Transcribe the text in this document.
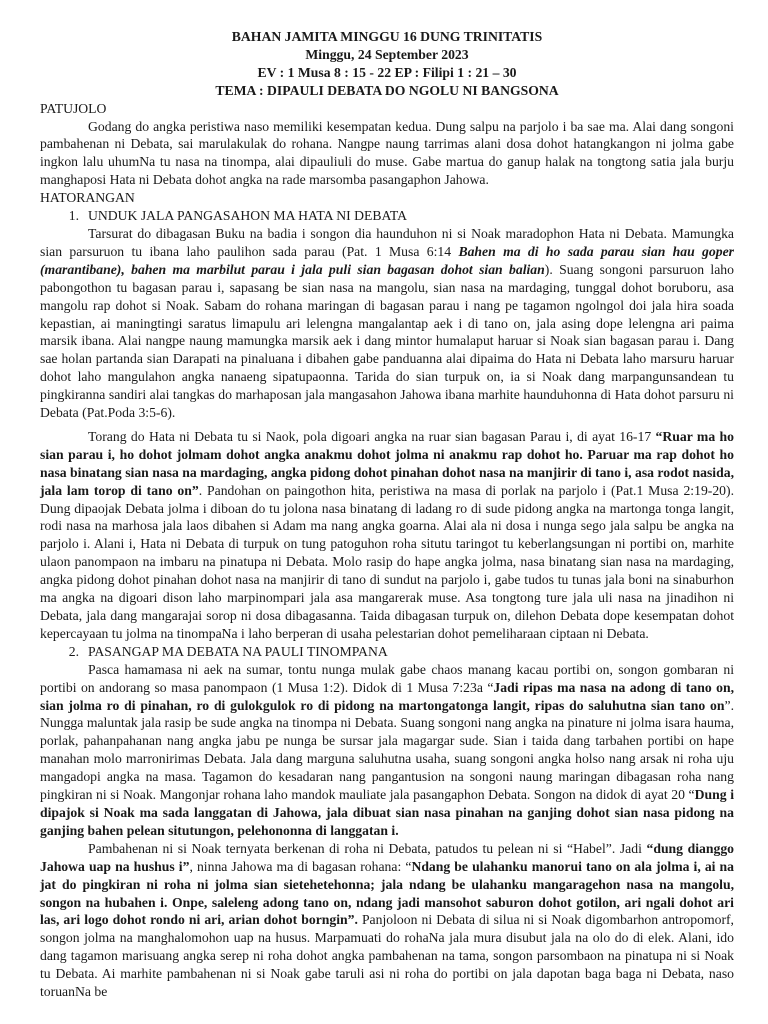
BAHAN JAMITA MINGGU 16 DUNG TRINITATIS
Minggu, 24 September 2023
EV : 1 Musa 8 : 15 - 22 EP : Filipi 1 : 21 – 30
TEMA : DIPAULI DEBATA DO NGOLU NI BANGSONA

PATUJOLO

Godang do angka peristiwa naso memiliki kesempatan kedua. Dung salpu na parjolo i ba sae ma. Alai dang songoni pambahenan ni Debata, sai marulakulak do rohana. Nangpe naung tarrimas alani dosa dohot hatangkangon ni jolma gabe ingkon lalu uhumNa tu nasa na tinompa, alai dipauliuli do muse. Gabe martua do ganup halak na tongtong satia jala burju manghaposi Hata ni Debata dohot angka na rade marsomba pasangaphon Jahowa.

HATORANGAN

1. UNDUK JALA PANGASAHON MA HATA NI DEBATA

Tarsurat do dibagasan Buku na badia i songon dia haunduhon ni si Noak maradophon Hata ni Debata. Mamungka sian parsuruon tu ibana laho paulihon sada parau (Pat. 1 Musa 6:14 Bahen ma di ho sada parau sian hau goper (marantibane), bahen ma marbilut parau i jala puli sian bagasan dohot sian balian). Suang songoni parsuruon laho pabongothon tu bagasan parau i, sapasang be sian nasa na mangolu, sian nasa na mardaging, tunggal dohot boruboru, asa mangolu rap dohot si Noak. Sabam do rohana maringan di bagasan parau i nang pe tagamon ngolngol doi jala hira soada kepastian, ai maningtingi saratus limapulu ari lelengna mangalantap aek i di tano on, jala asing dope lelengna ari paima marsik ibana. Alai nangpe naung mamungka marsik aek i dang mintor humalaput haruar si Noak sian bagasan parau i. Dang sae holan partanda sian Darapati na pinaluana i dibahen gabe panduanna alai dipaima do Hata ni Debata laho marsuru haruar dohot laho mangulahon angka nanaeng sipatupaonna. Tarida do sian turpuk on, ia si Noak dang marpangunsandean tu pingkiranna sandiri alai tangkas do marhaposan jala mangasahon Jahowa ibana marhite haunduhonna di Hata dohot parsuru ni Debata (Pat.Poda 3:5-6).

Torang do Hata ni Debata tu si Naok, pola digoari angka na ruar sian bagasan Parau i, di ayat 16-17 “Ruar ma ho sian parau i, ho dohot jolmam dohot angka anakmu dohot jolma ni anakmu rap dohot ho. Paruar ma rap dohot ho nasa binatang sian nasa na mardaging, angka pidong dohot pinahan dohot nasa na manjirir di tano i, asa rodot nasida, jala lam torop di tano on”. Pandohan on paingothon hita, peristiwa na masa di porlak na parjolo i (Pat.1 Musa 2:19-20). Dung dipaojak Debata jolma i diboan do tu jolona nasa binatang di ladang ro di sude pidong angka na martonga tonga langit, rodi nasa na marhosa jala laos dibahen si Adam ma nang angka goarna. Alai ala ni dosa i nunga sego jala salpu be angka na parjolo i. Alani i, Hata ni Debata di turpuk on tung patoguhon roha situtu taringot tu keberlangsungan ni portibi on, marhite ulaon panompaon na imbaru na pinatupa ni Debata. Molo rasip do hape angka jolma, nasa binatang sian nasa na mardaging, angka pidong dohot pinahan dohot nasa na manjirir di tano di sundut na parjolo i, gabe tudos tu tunas jala boni na sinaburhon ma angka na digoari dison laho marpinompari jala asa mangarerak muse. Asa tongtong ture jala uli nasa na jinadihon ni Debata, jala dang mangarajai sorop ni dosa dibagasanna. Taida dibagasan turpuk on, dilehon Debata dope kesempatan dohot kepercayaan tu jolma na tinompaNa i laho berperan di usaha pelestarian dohot pemeliharaan ciptaan ni Debata.

2. PASANGAP MA DEBATA NA PAULI TINOMPANA

Pasca hamamasa ni aek na sumar, tontu nunga mulak gabe chaos manang kacau portibi on, songon gombaran ni portibi on andorang so masa panompaon (1 Musa 1:2). Didok di 1 Musa 7:23a “Jadi ripas ma nasa na adong di tano on, sian jolma ro di pinahan, ro di gulokgulok ro di pidong na martongatonga langit, ripas do saluhutna sian tano on”. Nungga maluntak jala rasip be sude angka na tinompa ni Debata. Suang songoni nang angka na pinature ni jolma isara hauma, porlak, pahanpahanan nang angka jabu pe nunga be sursar jala magargar sude. Sian i taida dang tarbahen portibi on hape manahan molo marronirimas Debata. Jala dang marguna saluhutna usaha, suang songoni angka holso nang arsak ni roha uju mangadopi angka na masa. Tagamon do kesadaran nang pangantusion na songoni naung maringan dibagasan roha nang pingkiran ni si Noak. Mangonjar rohana laho mandok mauliate jala pasangaphon Debata. Songon na didok di ayat 20 “Dung i dipajok si Noak ma sada langgatan di Jahowa, jala dibuat sian nasa pinahan na ganjing dohot sian nasa pidong na ganjing bahen pelean situtungon, pelehononna di langgatan i.

Pambahenan ni si Noak ternyata berkenan di roha ni Debata, patudos tu pelean ni si “Habel”. Jadi “dung dianggo Jahowa uap na hushus i”, ninna Jahowa ma di bagasan rohana: “Ndang be ulahanku manorui tano on ala jolma i, ai na jat do pingkiran ni roha ni jolma sian sietehetehonna; jala ndang be ulahanku mangarageho​n nasa na mangolu, songon na hubahen i. Onpe, saleleng adong tano on, ndang jadi mansohot saburon dohot gotilon, ari ngali dohot ari las, ari logo dohot rondo ni ari, arian dohot borngin”. Panjoloon ni Debata di silua ni si Noak digombarhon antropomorf, songon jolma na manghalomohon uap na husus. Marpamuati do rohaNa jala mura disubut jala na olo do di elek. Alani, ido dang tagamon marisuang angka serep ni roha dohot angka pambahenan na tama, songon parsombaon na pinatupa ni si Noak tu Debata. Ai marhite pambahenan ni si Noak gabe taruli asi ni roha do portibi on jala dapotan baga baga ni Debata, naso toruanNa be
